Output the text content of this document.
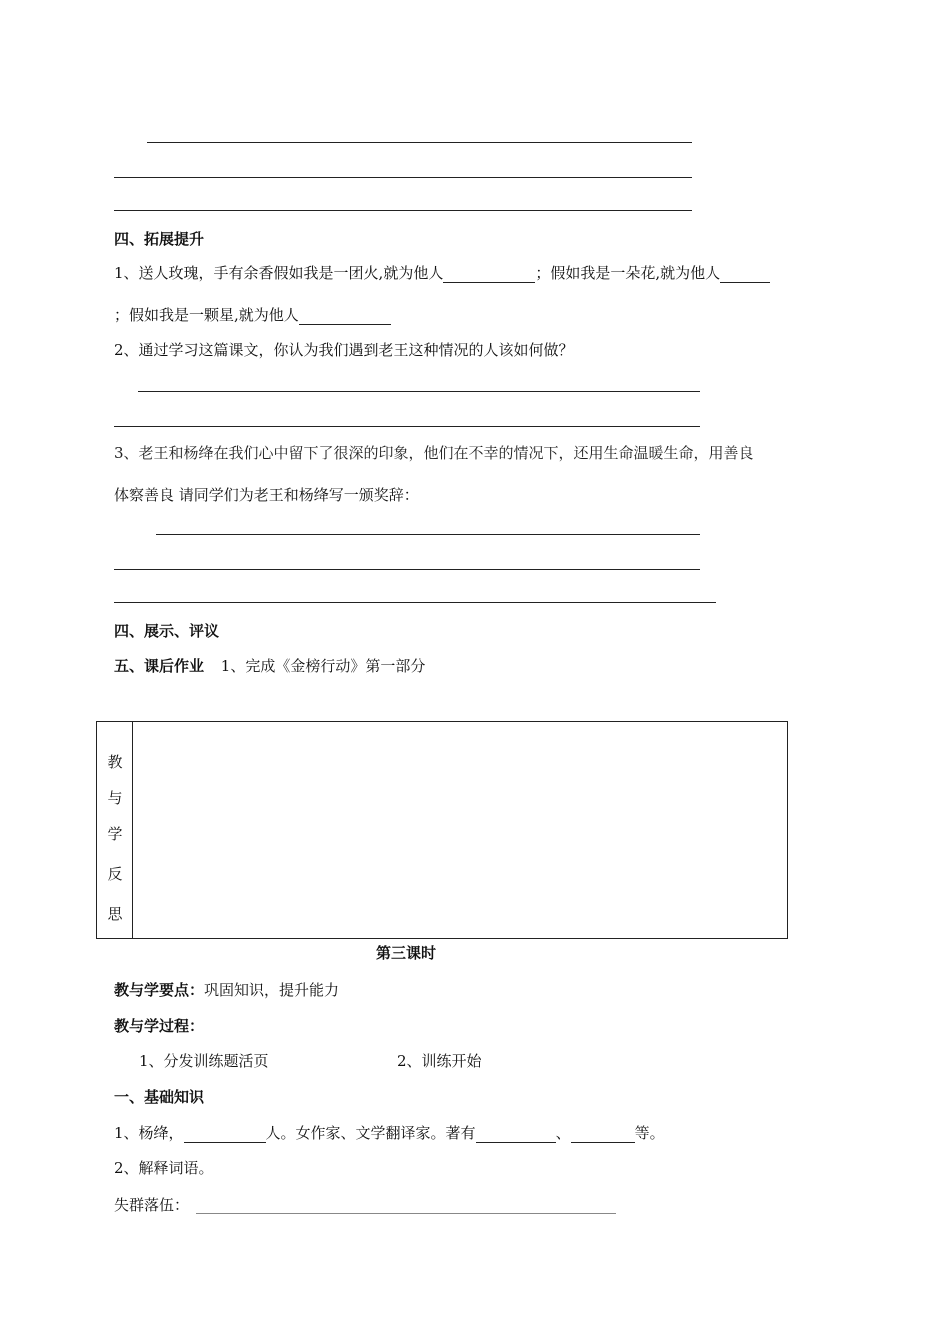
四、拓展提升
1、送人玫瑰，手有余香假如我是一团火,就为他人	；假如我是一朵花,就为他人
；假如我是一颗星,就为他人
2、通过学习这篇课文，你认为我们遇到老王这种情况的人该如何做？
3、老王和杨绛在我们心中留下了很深的印象，他们在不幸的情况下，还用生命温暖生命，用善良
体察善良 请同学们为老王和杨绛写一颁奖辞：
四、展示、评议
五、课后作业 1、完成《金榜行动》第一部分
教
与
学
反
思
第三课时
教与学要点：巩固知识，提升能力
教与学过程：
1、分发训练题活页	2、训练开始
一、基础知识
1、杨绛，	人。女作家、文学翻译家。著有	、	等。
2、解释词语。
失群落伍：
